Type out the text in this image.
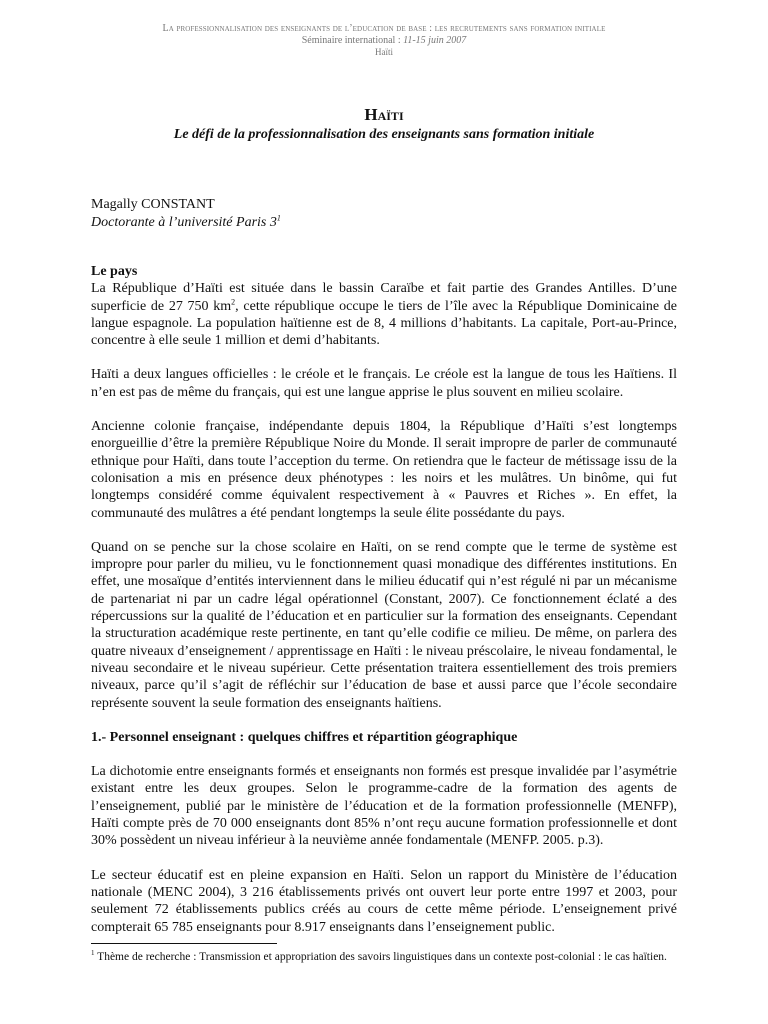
La professionnalisation des enseignants de l’education de base : les recrutements sans formation initiale
Séminaire international : 11-15 juin 2007
Haïti
Haïti
Le défi de la professionnalisation des enseignants sans formation initiale
Magally CONSTANT
Doctorante à l’université Paris $3^1$
Le pays

La République d’Haïti est située dans le bassin Caraïbe et fait partie des Grandes Antilles. D’une superficie de 27 750 $km^2$, cette république occupe le tiers de l’île avec la République Dominicaine de langue espagnole. La population haïtienne est de 8, 4 millions d’habitants. La capitale, Port-au-Prince, concentre à elle seule 1 million et demi d’habitants.

Haïti a deux langues officielles : le créole et le français. Le créole est la langue de tous les Haïtiens. Il n’en est pas de même du français, qui est une langue apprise le plus souvent en milieu scolaire.

Ancienne colonie française, indépendante depuis 1804, la République d’Haïti s’est longtemps enorgueillie d’être la première République Noire du Monde. Il serait impropre de parler de communauté ethnique pour Haïti, dans toute l’acception du terme. On retiendra que le facteur de métissage issu de la colonisation a mis en présence deux phénotypes : les noirs et les mulâtres. Un binôme, qui fut longtemps considéré comme équivalent respectivement à « Pauvres et Riches ». En effet, la communauté des mulâtres a été pendant longtemps la seule élite possédante du pays.

Quand on se penche sur la chose scolaire en Haïti, on se rend compte que le terme de système est impropre pour parler du milieu, vu le fonctionnement quasi monadique des différentes institutions. En effet, une mosaïque d’entités interviennent dans le milieu éducatif qui n’est régulé ni par un mécanisme de partenariat ni par un cadre légal opérationnel (Constant, 2007). Ce fonctionnement éclaté a des répercussions sur la qualité de l’éducation et en particulier sur la formation des enseignants. Cependant la structuration académique reste pertinente, en tant qu’elle codifie ce milieu. De même, on parlera des quatre niveaux d’enseignement / apprentissage en Haïti : le niveau préscolaire, le niveau fondamental, le niveau secondaire et le niveau supérieur. Cette présentation traitera essentiellement des trois premiers niveaux, parce qu’il s’agit de réfléchir sur l’éducation de base et aussi parce que l’école secondaire représente souvent la seule formation des enseignants haïtiens.

1.- Personnel enseignant : quelques chiffres et répartition géographique

La dichotomie entre enseignants formés et enseignants non formés est presque invalidée par l’asymétrie existant entre les deux groupes. Selon le programme-cadre de la formation des agents de l’enseignement, publié par le ministère de l’éducation et de la formation professionnelle (MENFP), Haïti compte près de 70 000 enseignants dont 85% n’ont reçu aucune formation professionnelle et dont 30% possèdent un niveau inférieur à la neuvième année fondamentale (MENFP. 2005. p.3).

Le secteur éducatif est en pleine expansion en Haïti. Selon un rapport du Ministère de l’éducation nationale (MENC 2004), 3 216 établissements privés ont ouvert leur porte entre 1997 et 2003, pour seulement 72 établissements publics créés au cours de cette même période. L’enseignement privé compterait 65 785 enseignants pour 8.917 enseignants dans l’enseignement public.

$^1$ Thème de recherche : Transmission et appropriation des savoirs linguistiques dans un contexte post-colonial : le cas haïtien.
